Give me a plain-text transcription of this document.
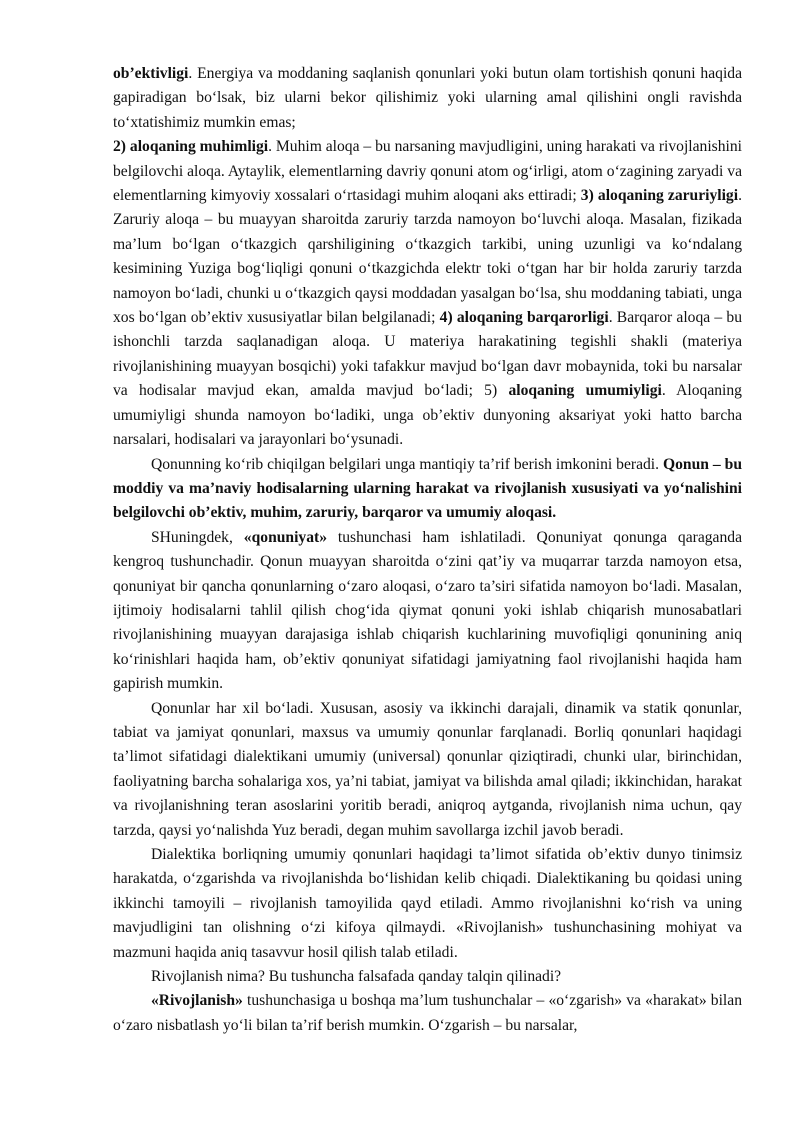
ob’ektivligi. Energiya va moddaning saqlanish qonunlari yoki butun olam tortishish qonuni haqida gapiradigan bo‘lsak, biz ularni bekor qilishimiz yoki ularning amal qilishini ongli ravishda to‘xtatishimiz mumkin emas;

2) aloqaning muhimligi. Muhim aloqa – bu narsaning mavjudligini, uning harakati va rivojlanishini belgilovchi aloqa. Aytaylik, elementlarning davriy qonuni atom og‘irligi, atom o‘zagining zaryadi va elementlarning kimyoviy xossalari o‘rtasidagi muhim aloqani aks ettiradi; 3) aloqaning zaruriyligi. Zaruriy aloqa – bu muayyan sharoitda zaruriy tarzda namoyon bo‘luvchi aloqa. Masalan, fizikada ma’lum bo‘lgan o‘tkazgich qarshiligining o‘tkazgich tarkibi, uning uzunligi va ko‘ndalang kesimining Yuziga bog‘liqligi qonuni o‘tkazgichda elektr toki o‘tgan har bir holda zaruriy tarzda namoyon bo‘ladi, chunki u o‘tkazgich qaysi moddadan yasalgan bo‘lsa, shu moddaning tabiati, unga xos bo‘lgan ob’ektiv xususiyatlar bilan belgilanadi; 4) aloqaning barqarorligi. Barqaror aloqa – bu ishonchli tarzda saqlanadigan aloqa. U materiya harakatining tegishli shakli (materiya rivojlanishining muayyan bosqichi) yoki tafakkur mavjud bo‘lgan davr mobaynida, toki bu narsalar va hodisalar mavjud ekan, amalda mavjud bo‘ladi; 5) aloqaning umumiyligi. Aloqaning umumiyligi shunda namoyon bo‘ladiki, unga ob’ektiv dunyoning aksariyat yoki hatto barcha narsalari, hodisalari va jarayonlari bo‘ysunadi.

Qonunning ko‘rib chiqilgan belgilari unga mantiqiy ta’rif berish imkonini beradi. Qonun – bu moddiy va ma’naviy hodisalarning ularning harakat va rivojlanish xususiyati va yo‘nalishini belgilovchi ob’ektiv, muhim, zaruriy, barqaror va umumiy aloqasi.

SHuningdek, «qonuniyat» tushunchasi ham ishlatiladi. Qonuniyat qonunga qaraganda kengroq tushunchadir. Qonun muayyan sharoitda o‘zini qat’iy va muqarrar tarzda namoyon etsa, qonuniyat bir qancha qonunlarning o‘zaro aloqasi, o‘zaro ta’siri sifatida namoyon bo‘ladi. Masalan, ijtimoiy hodisalarni tahlil qilish chog‘ida qiymat qonuni yoki ishlab chiqarish munosabatlari rivojlanishining muayyan darajasiga ishlab chiqarish kuchlarining muvofiqligi qonunining aniq ko‘rinishlari haqida ham, ob’ektiv qonuniyat sifatidagi jamiyatning faol rivojlanishi haqida ham gapirish mumkin.

Qonunlar har xil bo‘ladi. Xususan, asosiy va ikkinchi darajali, dinamik va statik qonunlar, tabiat va jamiyat qonunlari, maxsus va umumiy qonunlar farqlanadi. Borliq qonunlari haqidagi ta’limot sifatidagi dialektikani umumiy (universal) qonunlar qiziqtiradi, chunki ular, birinchidan, faoliyatning barcha sohalariga xos, ya’ni tabiat, jamiyat va bilishda amal qiladi; ikkinchidan, harakat va rivojlanishning teran asoslarini yoritib beradi, aniqroq aytganda, rivojlanish nima uchun, qay tarzda, qaysi yo‘nalishda Yuz beradi, degan muhim savollarga izchil javob beradi.

Dialektika borliqning umumiy qonunlari haqidagi ta’limot sifatida ob’ektiv dunyo tinimsiz harakatda, o‘zgarishda va rivojlanishda bo‘lishidan kelib chiqadi. Dialektikaning bu qoidasi uning ikkinchi tamoyili – rivojlanish tamoyilida qayd etiladi. Ammo rivojlanishni ko‘rish va uning mavjudligini tan olishning o‘zi kifoya qilmaydi. «Rivojlanish» tushunchasining mohiyat va mazmuni haqida aniq tasavvur hosil qilish talab etiladi.

Rivojlanish nima? Bu tushuncha falsafada qanday talqin qilinadi?

«Rivojlanish» tushunchasiga u boshqa ma’lum tushunchalar – «o‘zgarish» va «harakat» bilan o‘zaro nisbatlash yo‘li bilan ta’rif berish mumkin. O‘zgarish – bu narsalar,
